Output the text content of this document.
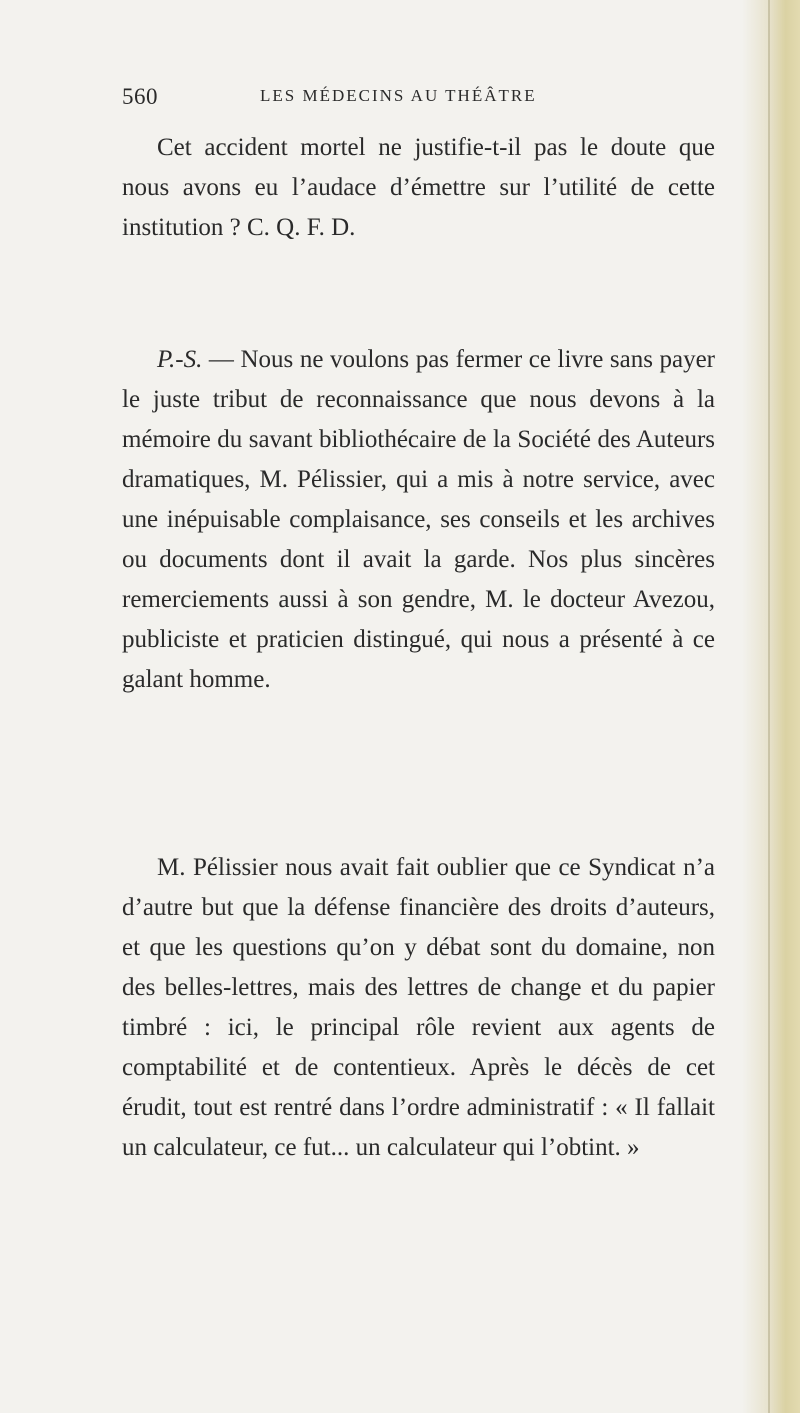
560	LES MÉDECINS AU THÉÂTRE

Cet accident mortel ne justifie-t-il pas le doute que nous avons eu l’audace d’émettre sur l’utilité de cette institution ? C. Q. F. D.

P.-S. — Nous ne voulons pas fermer ce livre sans payer le juste tribut de reconnaissance que nous devons à la mémoire du savant bibliothécaire de la Société des Auteurs dramatiques, M. Pélissier, qui a mis à notre service, avec une inépuisable complaisance, ses conseils et les archives ou documents dont il avait la garde. Nos plus sincères remerciements aussi à son gendre, M. le docteur Avezou, publiciste et praticien distingué, qui nous a présenté à ce galant homme.

M. Pélissier nous avait fait oublier que ce Syndicat n’a d’autre but que la défense financière des droits d’auteurs, et que les questions qu’on y débat sont du domaine, non des belles-lettres, mais des lettres de change et du papier timbré : ici, le principal rôle revient aux agents de comptabilité et de contentieux. Après le décès de cet érudit, tout est rentré dans l’ordre administratif : « Il fallait un calculateur, ce fut... un calculateur qui l’obtint. »
